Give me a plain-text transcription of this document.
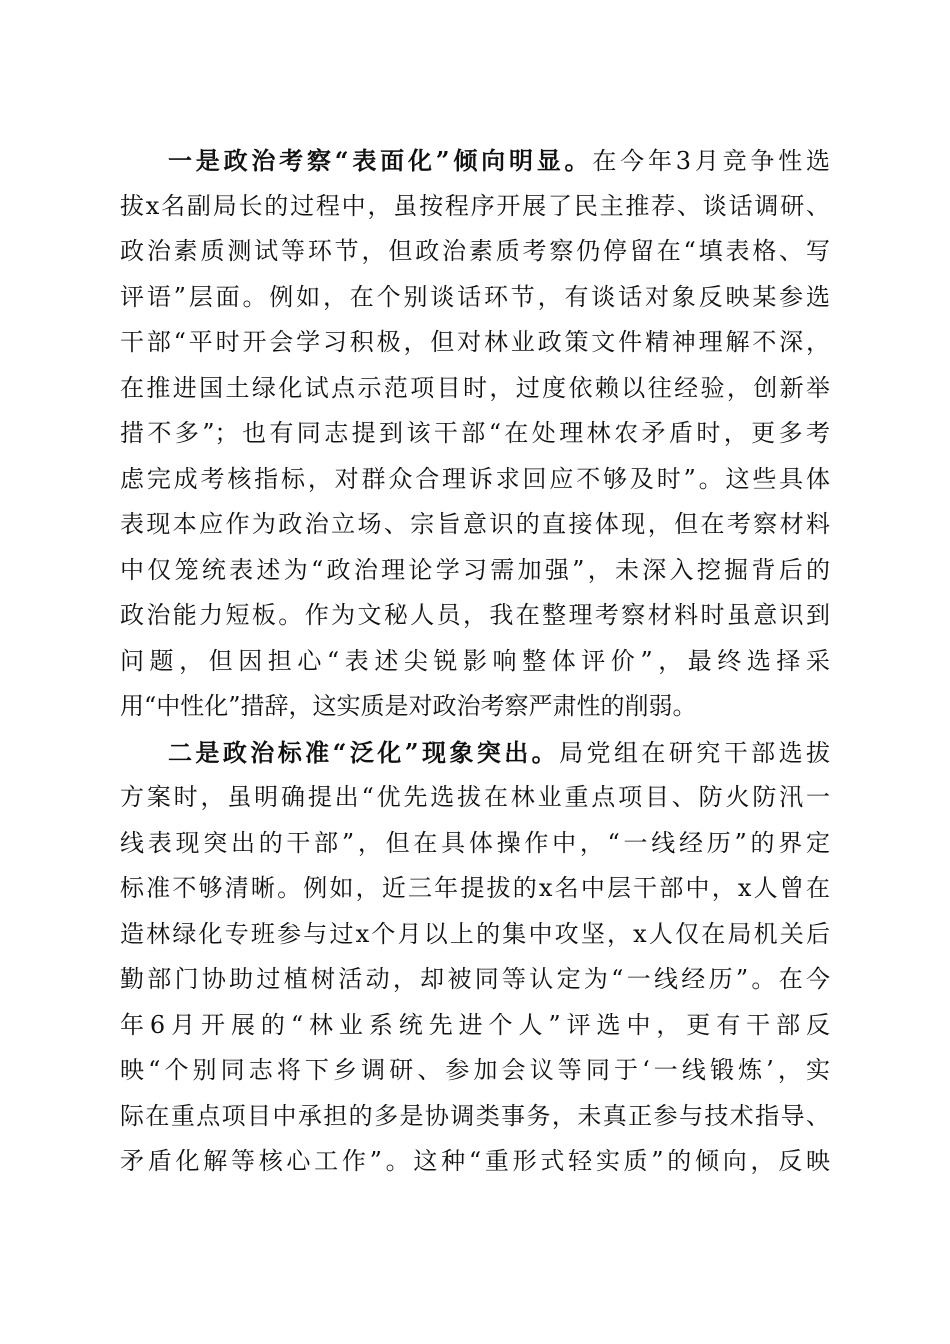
一是政治考察“表面化”倾向明显。在今年3月竞争性选
拔x名副局长的过程中，虽按程序开展了民主推荐、谈话调研、
政治素质测试等环节，但政治素质考察仍停留在“填表格、写
评语”层面。例如，在个别谈话环节，有谈话对象反映某参选
干部“平时开会学习积极，但对林业政策文件精神理解不深，
在推进国土绿化试点示范项目时，过度依赖以往经验，创新举
措不多”；也有同志提到该干部“在处理林农矛盾时，更多考
虑完成考核指标，对群众合理诉求回应不够及时”。这些具体
表现本应作为政治立场、宗旨意识的直接体现，但在考察材料
中仅笼统表述为“政治理论学习需加强”，未深入挖掘背后的
政治能力短板。作为文秘人员，我在整理考察材料时虽意识到
问题，但因担心“表述尖锐影响整体评价”，最终选择采
用“中性化”措辞，这实质是对政治考察严肃性的削弱。
二是政治标准“泛化”现象突出。局党组在研究干部选拔
方案时，虽明确提出“优先选拔在林业重点项目、防火防汛一
线表现突出的干部”，但在具体操作中，“一线经历”的界定
标准不够清晰。例如，近三年提拔的x名中层干部中，x人曾在
造林绿化专班参与过x个月以上的集中攻坚，x人仅在局机关后
勤部门协助过植树活动，却被同等认定为“一线经历”。在今
年6月开展的“林业系统先进个人”评选中，更有干部反
映“个别同志将下乡调研、参加会议等同于‘一线锻炼’，实
际在重点项目中承担的多是协调类事务，未真正参与技术指导、
矛盾化解等核心工作”。这种“重形式轻实质”的倾向，反映
